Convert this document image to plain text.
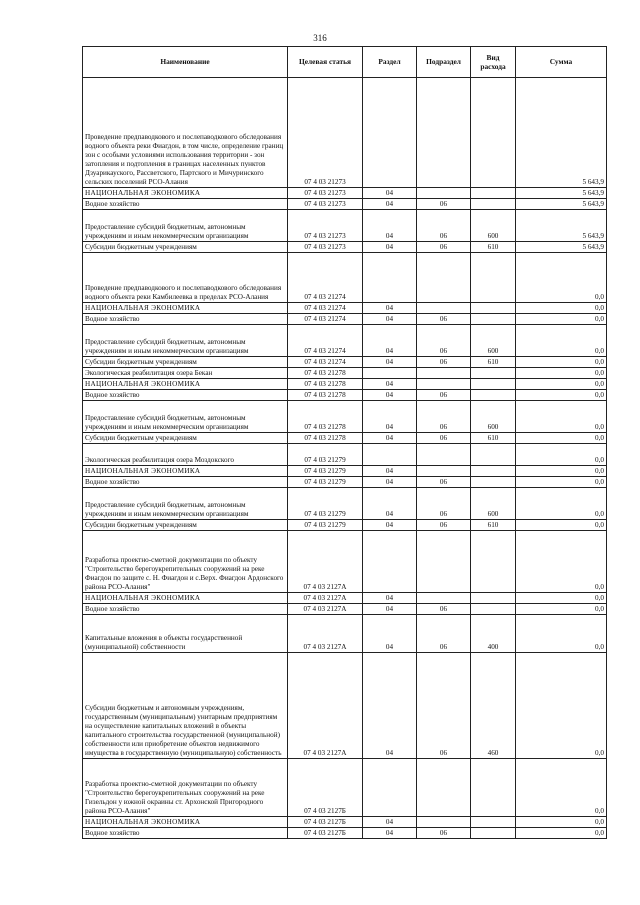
316
Наименование	Целевая статья	Раздел	Подраздел	Вид расхода	Сумма
Проведение предпаводкового и послепаводкового обследования водного объекта реки Фиагдон, в том числе, определение границ зон с особыми условиями использования территории - зон затопления и подтопления в границах населенных пунктов Дзуарикауского, Рассветского, Партского и Мичуринского сельских поселений РСО-Алания	07 4 03 21273				5 643,9
НАЦИОНАЛЬНАЯ ЭКОНОМИКА	07 4 03 21273	04			5 643,9
Водное хозяйство	07 4 03 21273	04	06		5 643,9
Предоставление субсидий бюджетным, автономным учреждениям и иным некоммерческим организациям	07 4 03 21273	04	06	600	5 643,9
Субсидии бюджетным учреждениям	07 4 03 21273	04	06	610	5 643,9
Проведение предпаводкового и послепаводкового обследования водного объекта реки Камбилеевка в пределах РСО-Алания	07 4 03 21274				0,0
НАЦИОНАЛЬНАЯ ЭКОНОМИКА	07 4 03 21274	04			0,0
Водное хозяйство	07 4 03 21274	04	06		0,0
Предоставление субсидий бюджетным, автономным учреждениям и иным некоммерческим организациям	07 4 03 21274	04	06	600	0,0
Субсидии бюджетным учреждениям	07 4 03 21274	04	06	610	0,0
Экологическая реабилитация озера Бекан	07 4 03 21278				0,0
НАЦИОНАЛЬНАЯ ЭКОНОМИКА	07 4 03 21278	04			0,0
Водное хозяйство	07 4 03 21278	04	06		0,0
Предоставление субсидий бюджетным, автономным учреждениям и иным некоммерческим организациям	07 4 03 21278	04	06	600	0,0
Субсидии бюджетным учреждениям	07 4 03 21278	04	06	610	0,0
Экологическая реабилитация озера Моздокского	07 4 03 21279				0,0
НАЦИОНАЛЬНАЯ ЭКОНОМИКА	07 4 03 21279	04			0,0
Водное хозяйство	07 4 03 21279	04	06		0,0
Предоставление субсидий бюджетным, автономным учреждениям и иным некоммерческим организациям	07 4 03 21279	04	06	600	0,0
Субсидии бюджетным учреждениям	07 4 03 21279	04	06	610	0,0
Разработка проектно-сметной документации по объекту "Строительство берегоукрепительных сооружений на реке Фиагдон по защите с. Н. Фиагдон и с.Верх. Фиагдон Ардонского района РСО-Алания"	07 4 03 2127А				0,0
НАЦИОНАЛЬНАЯ ЭКОНОМИКА	07 4 03 2127А	04			0,0
Водное хозяйство	07 4 03 2127А	04	06		0,0
Капитальные вложения в объекты государственной (муниципальной) собственности	07 4 03 2127А	04	06	400	0,0
Субсидии бюджетным и автономным учреждениям, государственным (муниципальным) унитарным предприятиям на осуществление капитальных вложений в объекты капитального строительства государственной (муниципальной) собственности или приобретение объектов недвижимого имущества в государственную (муниципальную) собственность	07 4 03 2127А	04	06	460	0,0
Разработка проектно-сметной документации по объекту "Строительство берегоукрепительных сооружений на реке Гизельдон у южной окраины ст. Архонской Пригородного района РСО-Алания"	07 4 03 2127Б				0,0
НАЦИОНАЛЬНАЯ ЭКОНОМИКА	07 4 03 2127Б	04			0,0
Водное хозяйство	07 4 03 2127Б	04	06		0,0
